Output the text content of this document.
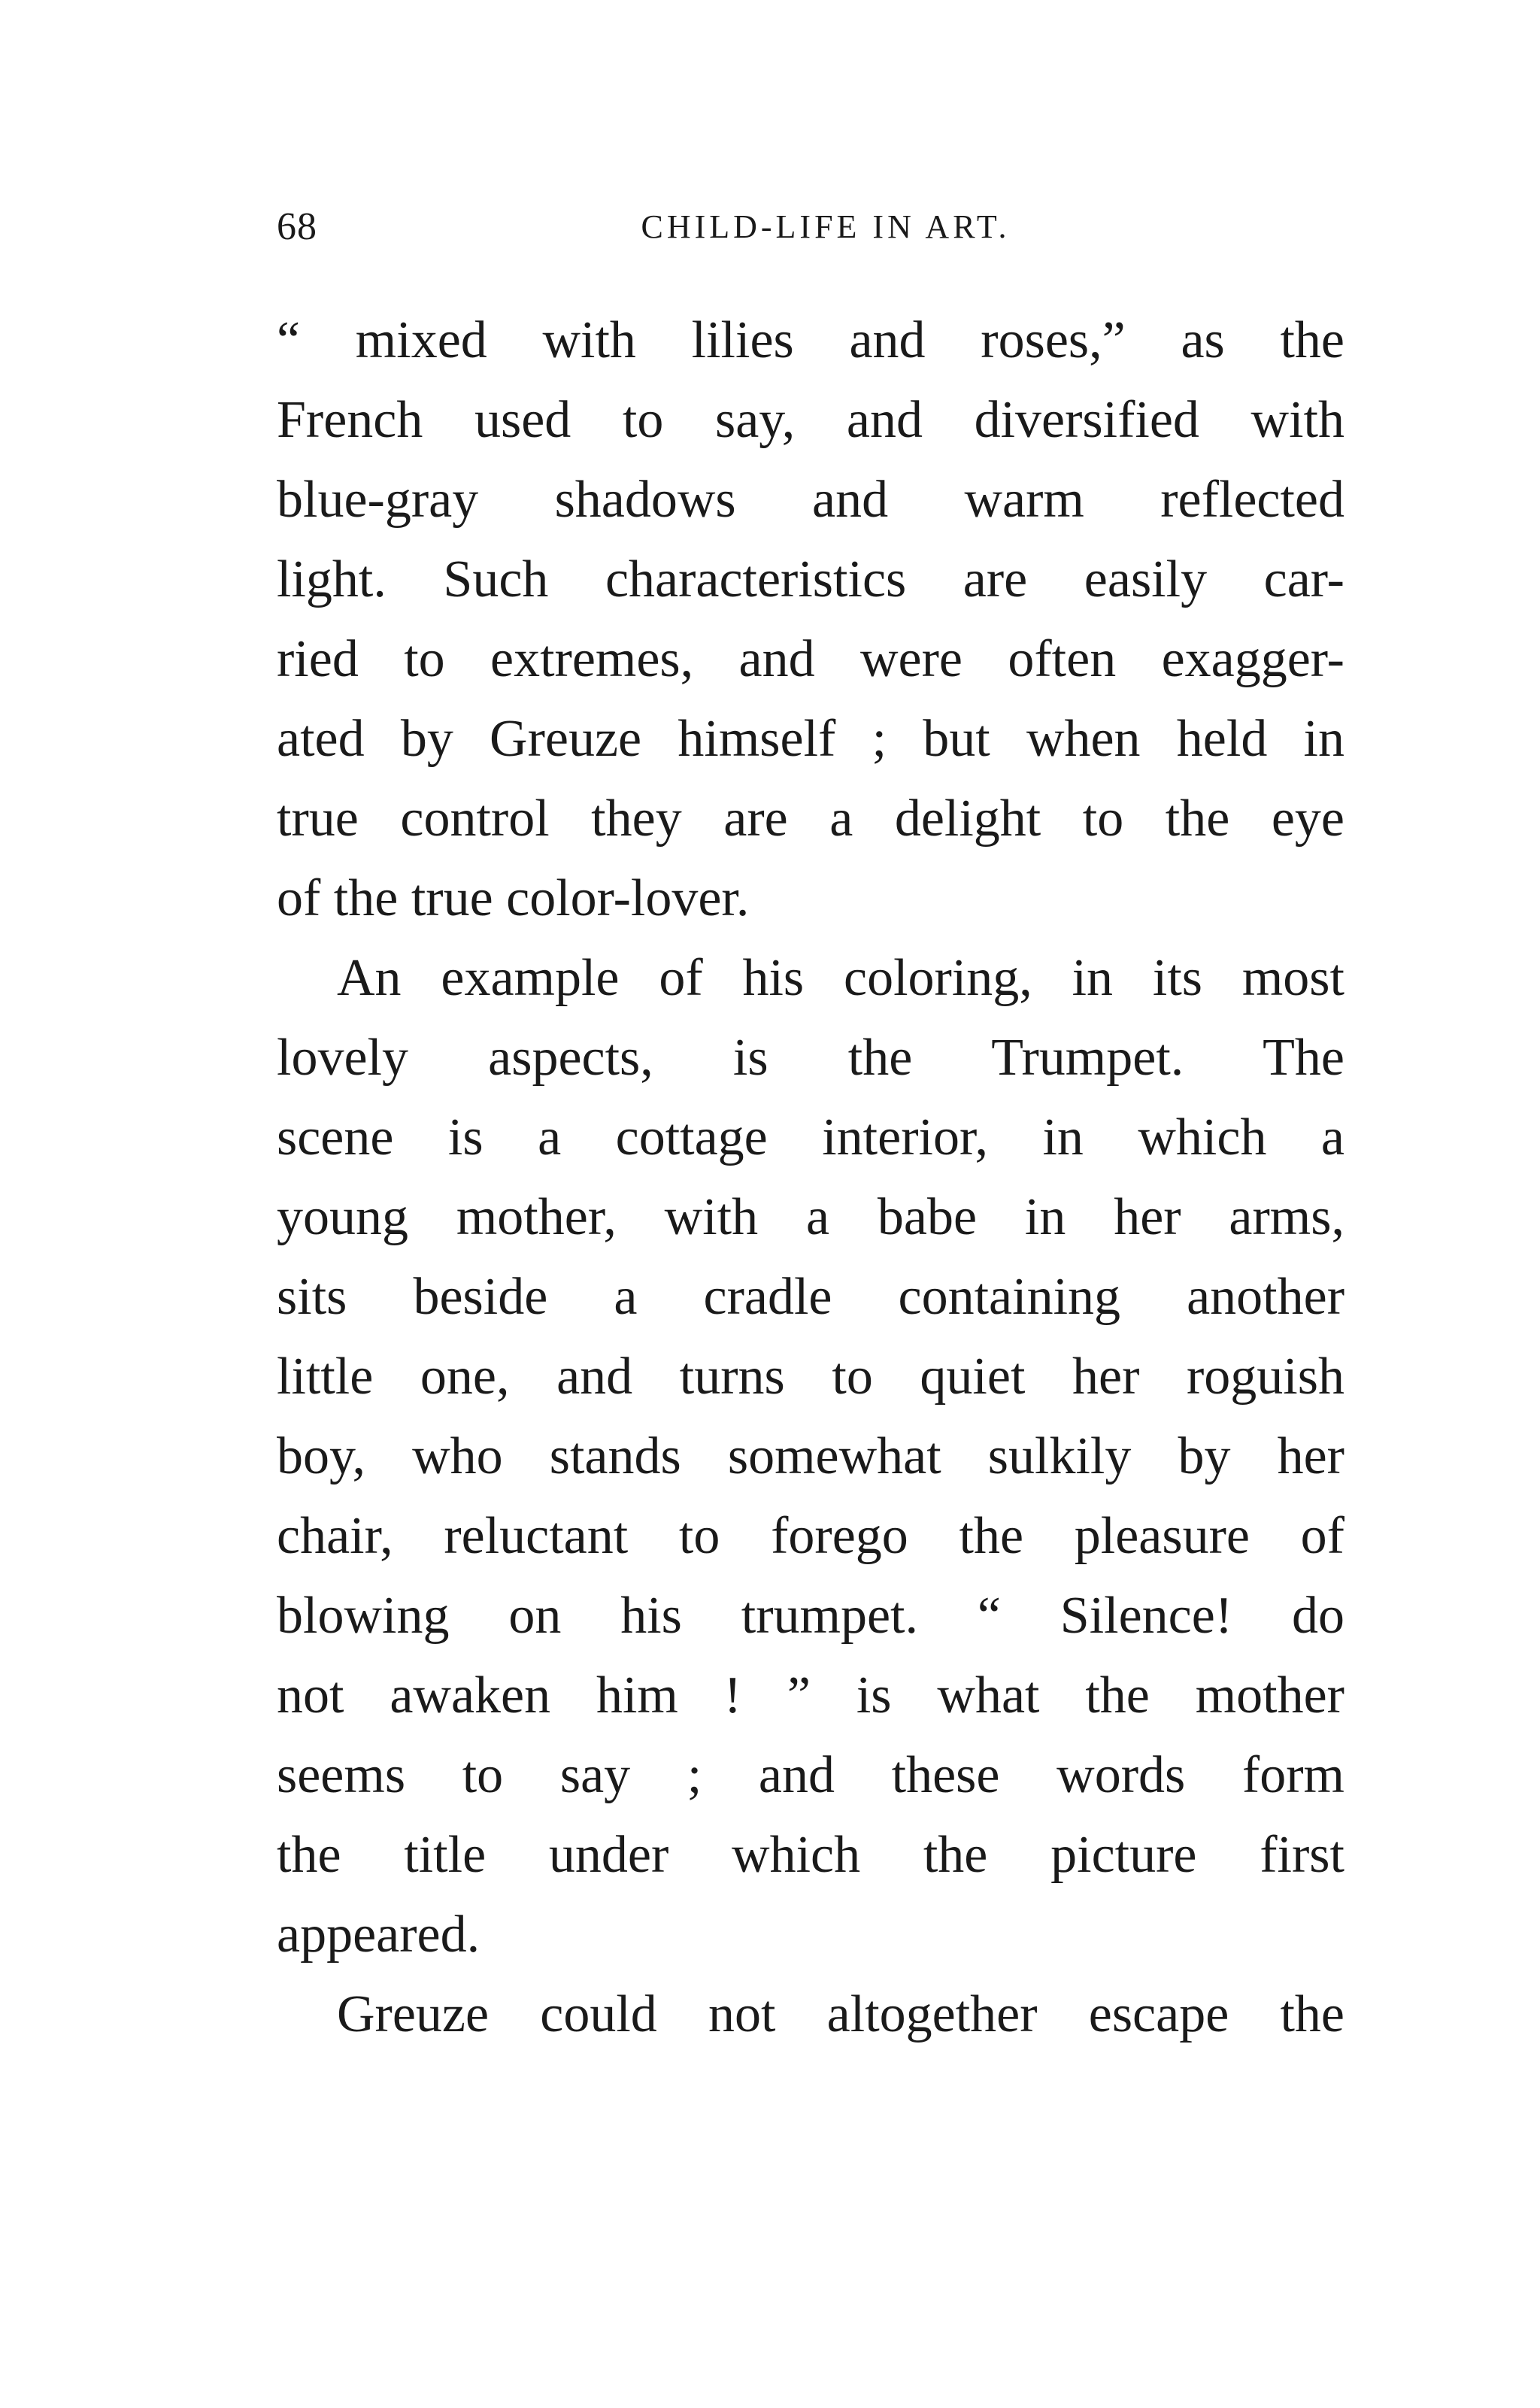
68	CHILD-LIFE IN ART.
“ mixed with lilies and roses,” as the
French used to say, and diversified with
blue-gray shadows and warm reflected
light. Such characteristics are easily car-
ried to extremes, and were often exagger-
ated by Greuze himself ; but when held in
true control they are a delight to the eye
of the true color-lover.
An example of his coloring, in its most
lovely aspects, is the Trumpet. The
scene is a cottage interior, in which a
young mother, with a babe in her arms,
sits beside a cradle containing another
little one, and turns to quiet her roguish
boy, who stands somewhat sulkily by her
chair, reluctant to forego the pleasure of
blowing on his trumpet. “ Silence! do
not awaken him ! ” is what the mother
seems to say ; and these words form
the title under which the picture first
appeared.
Greuze could not altogether escape the
